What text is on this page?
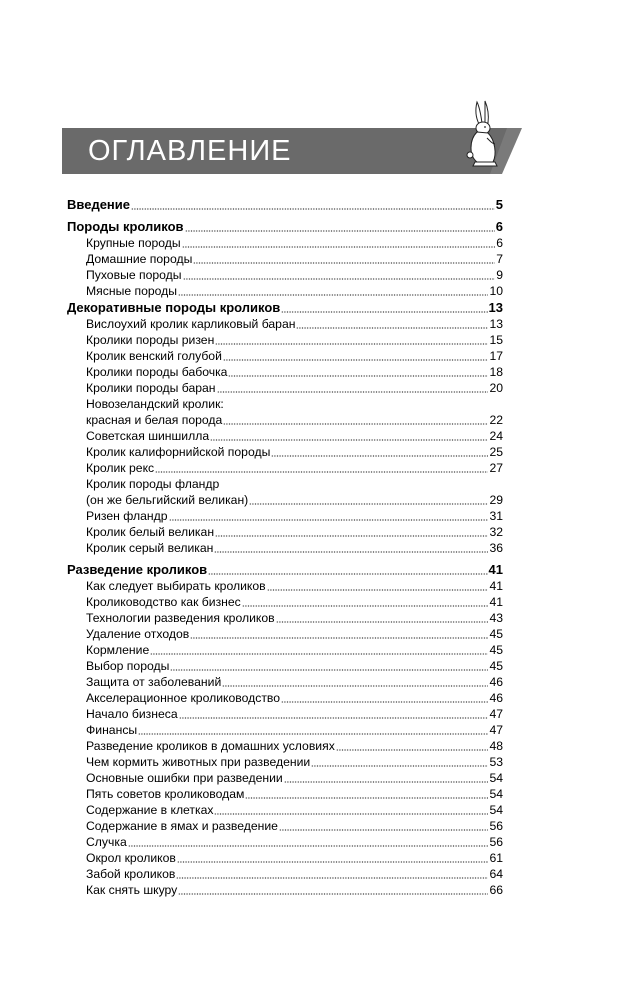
ОГЛАВЛЕНИЕ
Введение	5
Породы кроликов	6
Крупные породы	6
Домашние породы	7
Пуховые породы	9
Мясные породы	10
Декоративные породы кроликов	13
Вислоухий кролик карликовый баран	13
Кролики породы ризен	15
Кролик венский голубой	17
Кролики породы бабочка	18
Кролики породы баран	20
Новозеландский кролик:
красная и белая порода	22
Советская шиншилла	24
Кролик калифорнийской породы	25
Кролик рекс	27
Кролик породы фландр
(он же бельгийский великан)	29
Ризен фландр	31
Кролик белый великан	32
Кролик серый великан	36
Разведение кроликов	41
Как следует выбирать кроликов	41
Кролиководство как бизнес	41
Технологии разведения кроликов	43
Удаление отходов	45
Кормление	45
Выбор породы	45
Защита от заболеваний	46
Акселерационное кролиководство	46
Начало бизнеса	47
Финансы	47
Разведение кроликов в домашних условиях	48
Чем кормить животных при разведении	53
Основные ошибки при разведении	54
Пять советов кролиководам	54
Содержание в клетках	54
Содержание в ямах и разведение	56
Случка	56
Окрол кроликов	61
Забой кроликов	64
Как снять шкуру	66
